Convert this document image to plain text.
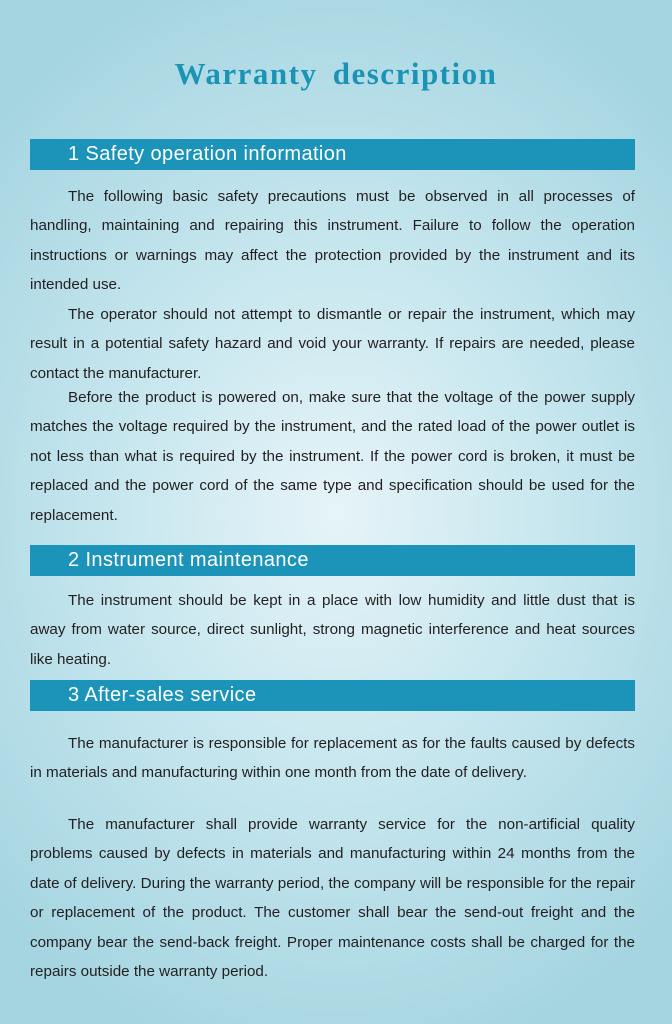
Warranty description
1 Safety operation information

The following basic safety precautions must be observed in all processes of handling, maintaining and repairing this instrument. Failure to follow the operation instructions or warnings may affect the protection provided by the instrument and its intended use.

The operator should not attempt to dismantle or repair the instrument, which may result in a potential safety hazard and void your warranty. If repairs are needed, please contact the manufacturer.

Before the product is powered on, make sure that the voltage of the power supply matches the voltage required by the instrument, and the rated load of the power outlet is not less than what is required by the instrument. If the power cord is broken, it must be replaced and the power cord of the same type and specification should be used for the replacement.

2 Instrument maintenance

The instrument should be kept in a place with low humidity and little dust that is away from water source, direct sunlight, strong magnetic interference and heat sources like heating.

3 After-sales service

The manufacturer is responsible for replacement as for the faults caused by defects in materials and manufacturing within one month from the date of delivery.

The manufacturer shall provide warranty service for the non-artificial quality problems caused by defects in materials and manufacturing within 24 months from the date of delivery. During the warranty period, the company will be responsible for the repair or replacement of the product. The customer shall bear the send-out freight and the company bear the send-back freight. Proper maintenance costs shall be charged for the repairs outside the warranty period.
